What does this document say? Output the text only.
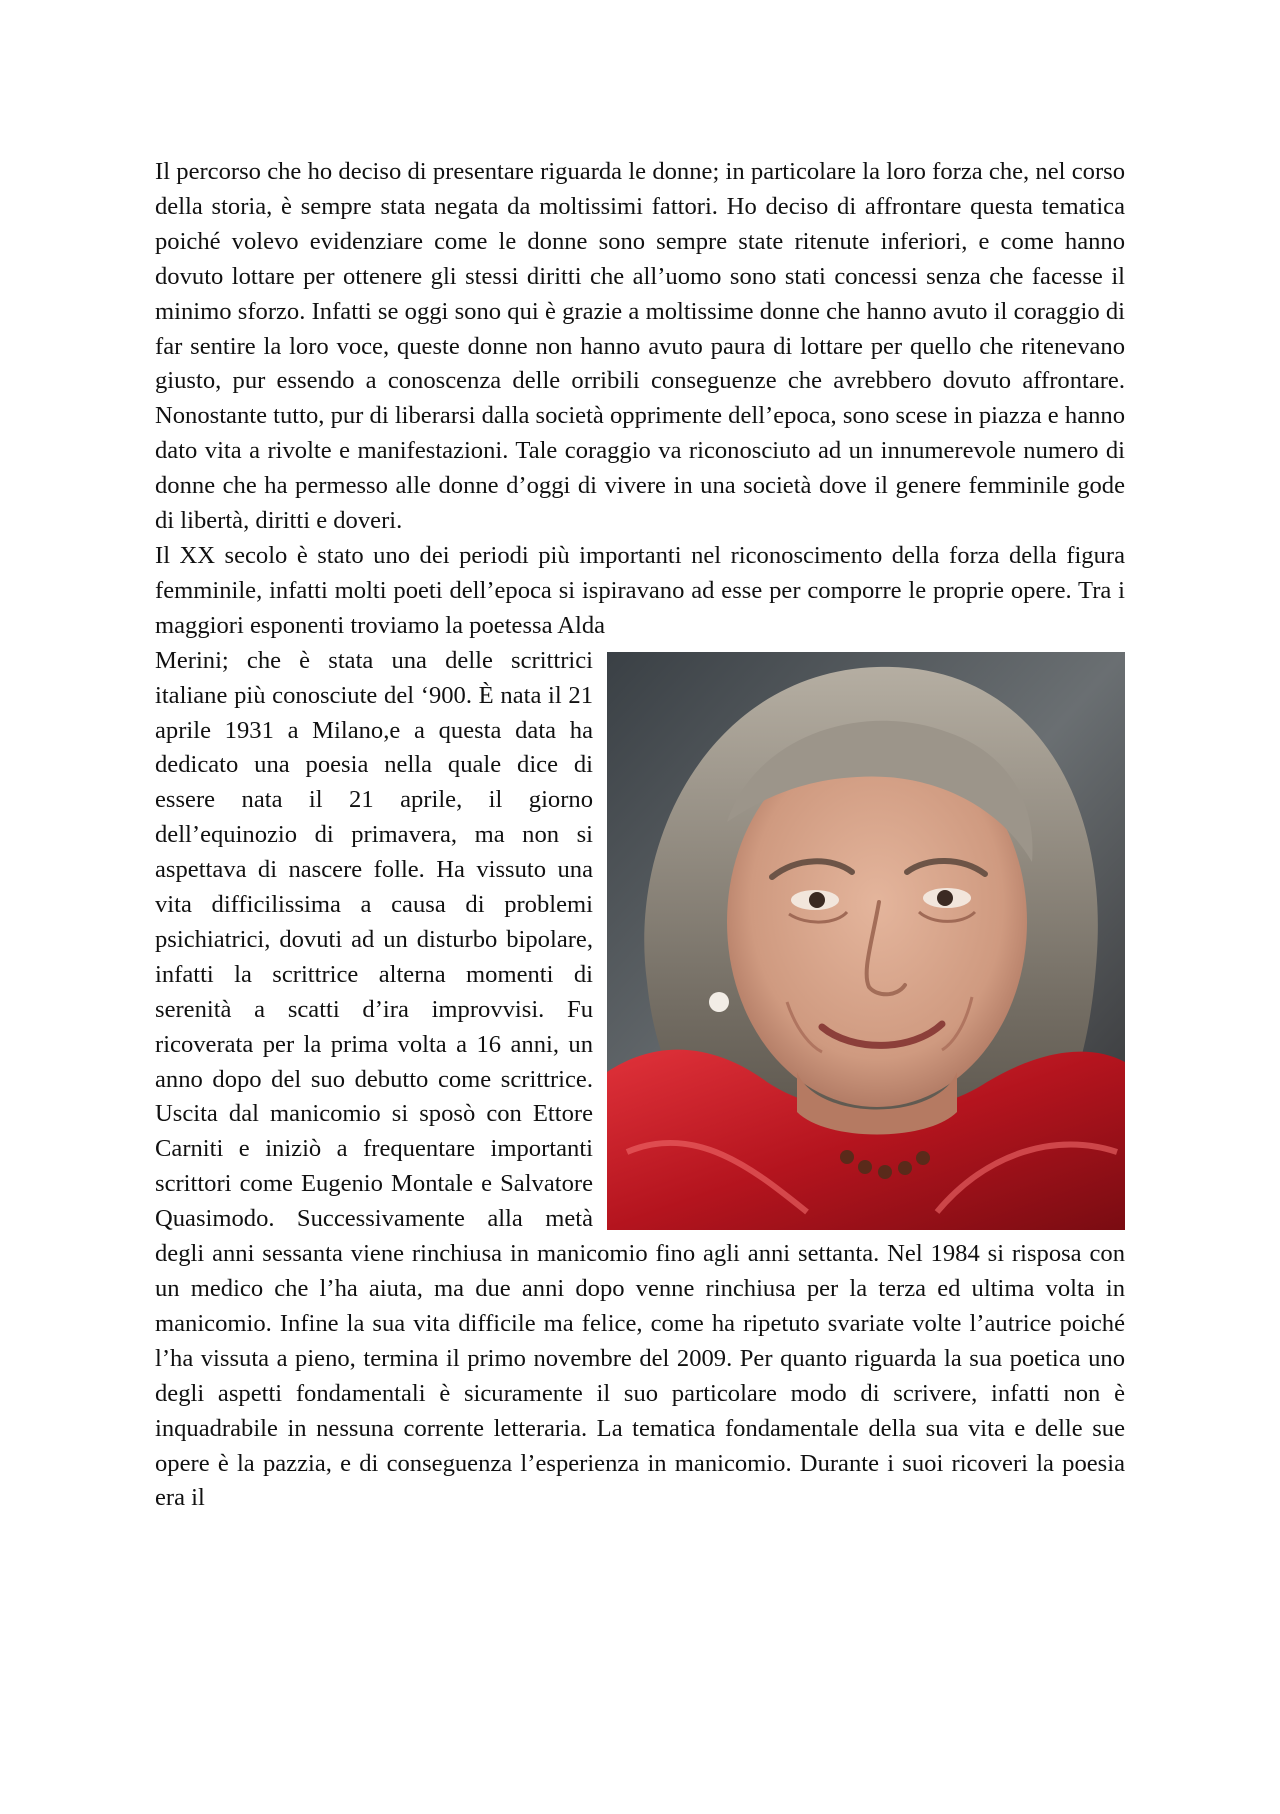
Il percorso che ho deciso di presentare riguarda le donne; in particolare la loro forza che, nel corso della storia, è sempre stata negata da moltissimi fattori. Ho deciso di affrontare questa tematica poiché volevo evidenziare come le donne sono sempre state ritenute inferiori, e come hanno dovuto lottare per ottenere gli stessi diritti che all’uomo sono stati concessi senza che facesse il minimo sforzo. Infatti se oggi sono qui è grazie a moltissime donne che hanno avuto il coraggio di far sentire la loro voce, queste donne non hanno avuto paura di lottare per quello che ritenevano giusto, pur essendo a conoscenza delle orribili conseguenze che avrebbero dovuto affrontare. Nonostante tutto, pur di liberarsi dalla società opprimente dell’epoca, sono scese in piazza e hanno dato vita a rivolte e manifestazioni. Tale coraggio va riconosciuto ad un innumerevole numero di donne che ha permesso alle donne d’oggi di vivere in una società dove il genere femminile gode di libertà, diritti e doveri.

Il XX secolo è stato uno dei periodi più importanti nel riconoscimento della forza della figura femminile, infatti molti poeti dell’epoca si ispiravano ad esse per comporre le proprie opere. Tra i maggiori esponenti troviamo la poetessa Alda

Merini; che è stata una delle scrittrici italiane più conosciute del ‘900. È nata il 21 aprile 1931 a Milano,e a questa data ha dedicato una poesia nella quale dice di essere nata il 21 aprile, il giorno dell’equinozio di primavera, ma non si aspettava di nascere folle. Ha vissuto una vita difficilissima a causa di problemi psichiatrici, dovuti ad un disturbo bipolare, infatti la scrittrice alterna momenti di serenità a scatti d’ira improvvisi. Fu ricoverata per la prima volta a 16 anni, un anno dopo del suo debutto come scrittrice. Uscita dal manicomio si sposò con Ettore Carniti e iniziò a frequentare importanti scrittori come Eugenio Montale e Salvatore Quasimodo. Successivamente alla metà degli anni sessanta viene rinchiusa in manicomio fino agli anni settanta. Nel 1984 si risposa con un medico che l’ha aiuta, ma due anni dopo venne rinchiusa per la terza ed ultima volta in manicomio. Infine la sua vita difficile ma felice, come ha ripetuto svariate volte l’autrice poiché l’ha vissuta a pieno, termina il primo novembre del 2009. Per quanto riguarda la sua poetica uno degli aspetti fondamentali è sicuramente il suo particolare modo di scrivere, infatti non è inquadrabile in nessuna corrente letteraria. La tematica fondamentale della sua vita e delle sue opere è la pazzia, e di conseguenza l’esperienza in manicomio. Durante i suoi ricoveri la poesia era il
